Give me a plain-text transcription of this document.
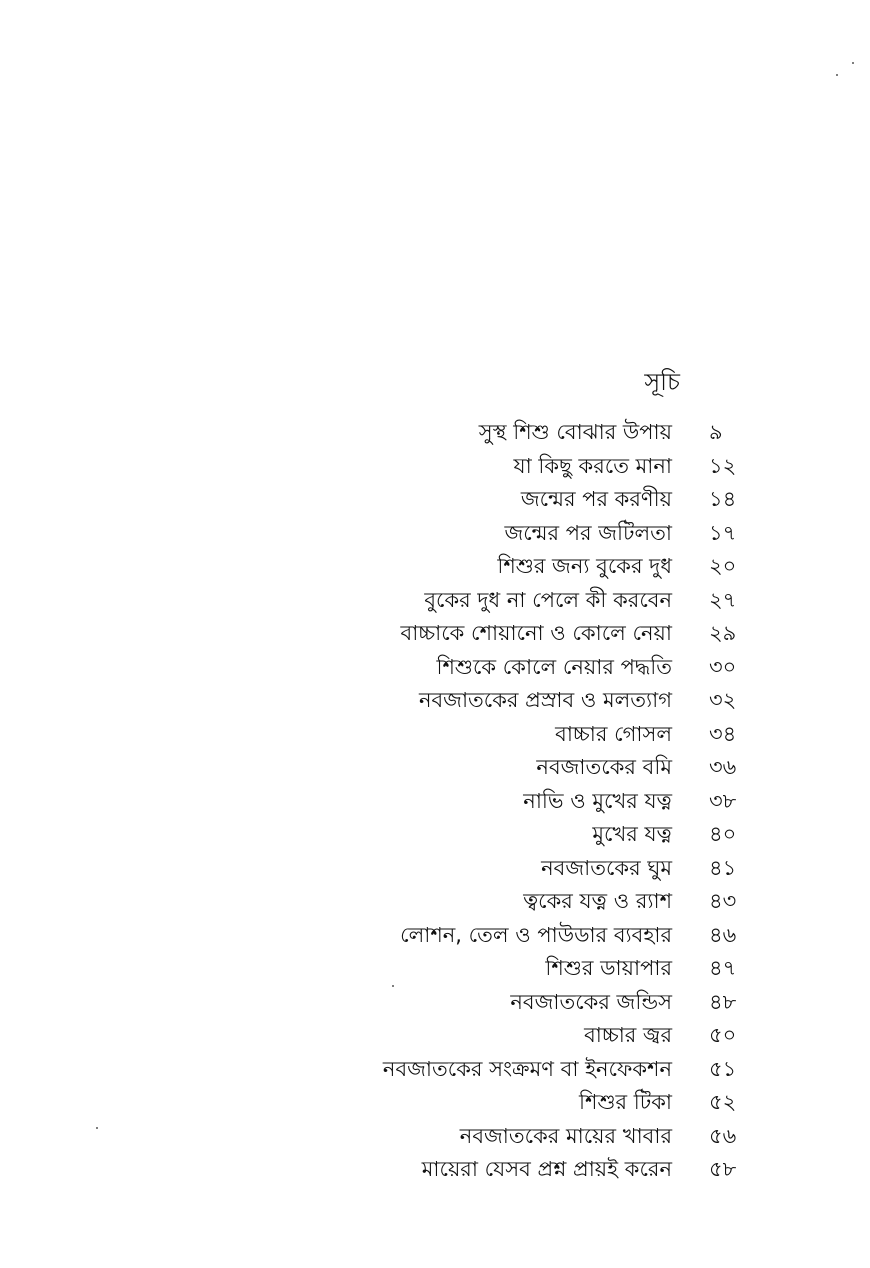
সূচি
সুস্থ শিশু বোঝার উপায় ৯
যা কিছু করতে মানা ১২
জন্মের পর করণীয় ১৪
জন্মের পর জটিলতা ১৭
শিশুর জন্য বুকের দুধ ২০
বুকের দুধ না পেলে কী করবেন ২৭
বাচ্চাকে শোয়ানো ও কোলে নেয়া ২৯
শিশুকে কোলে নেয়ার পদ্ধতি ৩০
নবজাতকের প্রস্রাব ও মলত্যাগ ৩২
বাচ্চার গোসল ৩৪
নবজাতকের বমি ৩৬
নাভি ও মুখের যত্ন ৩৮
মুখের যত্ন ৪০
নবজাতকের ঘুম ৪১
ত্বকের যত্ন ও র‍্যাশ ৪৩
লোশন, তেল ও পাউডার ব্যবহার ৪৬
শিশুর ডায়াপার ৪৭
নবজাতকের জন্ডিস ৪৮
বাচ্চার জ্বর ৫০
নবজাতকের সংক্রমণ বা ইনফেকশন ৫১
শিশুর টিকা ৫২
নবজাতকের মায়ের খাবার ৫৬
মায়েরা যেসব প্রশ্ন প্রায়ই করেন ৫৮
